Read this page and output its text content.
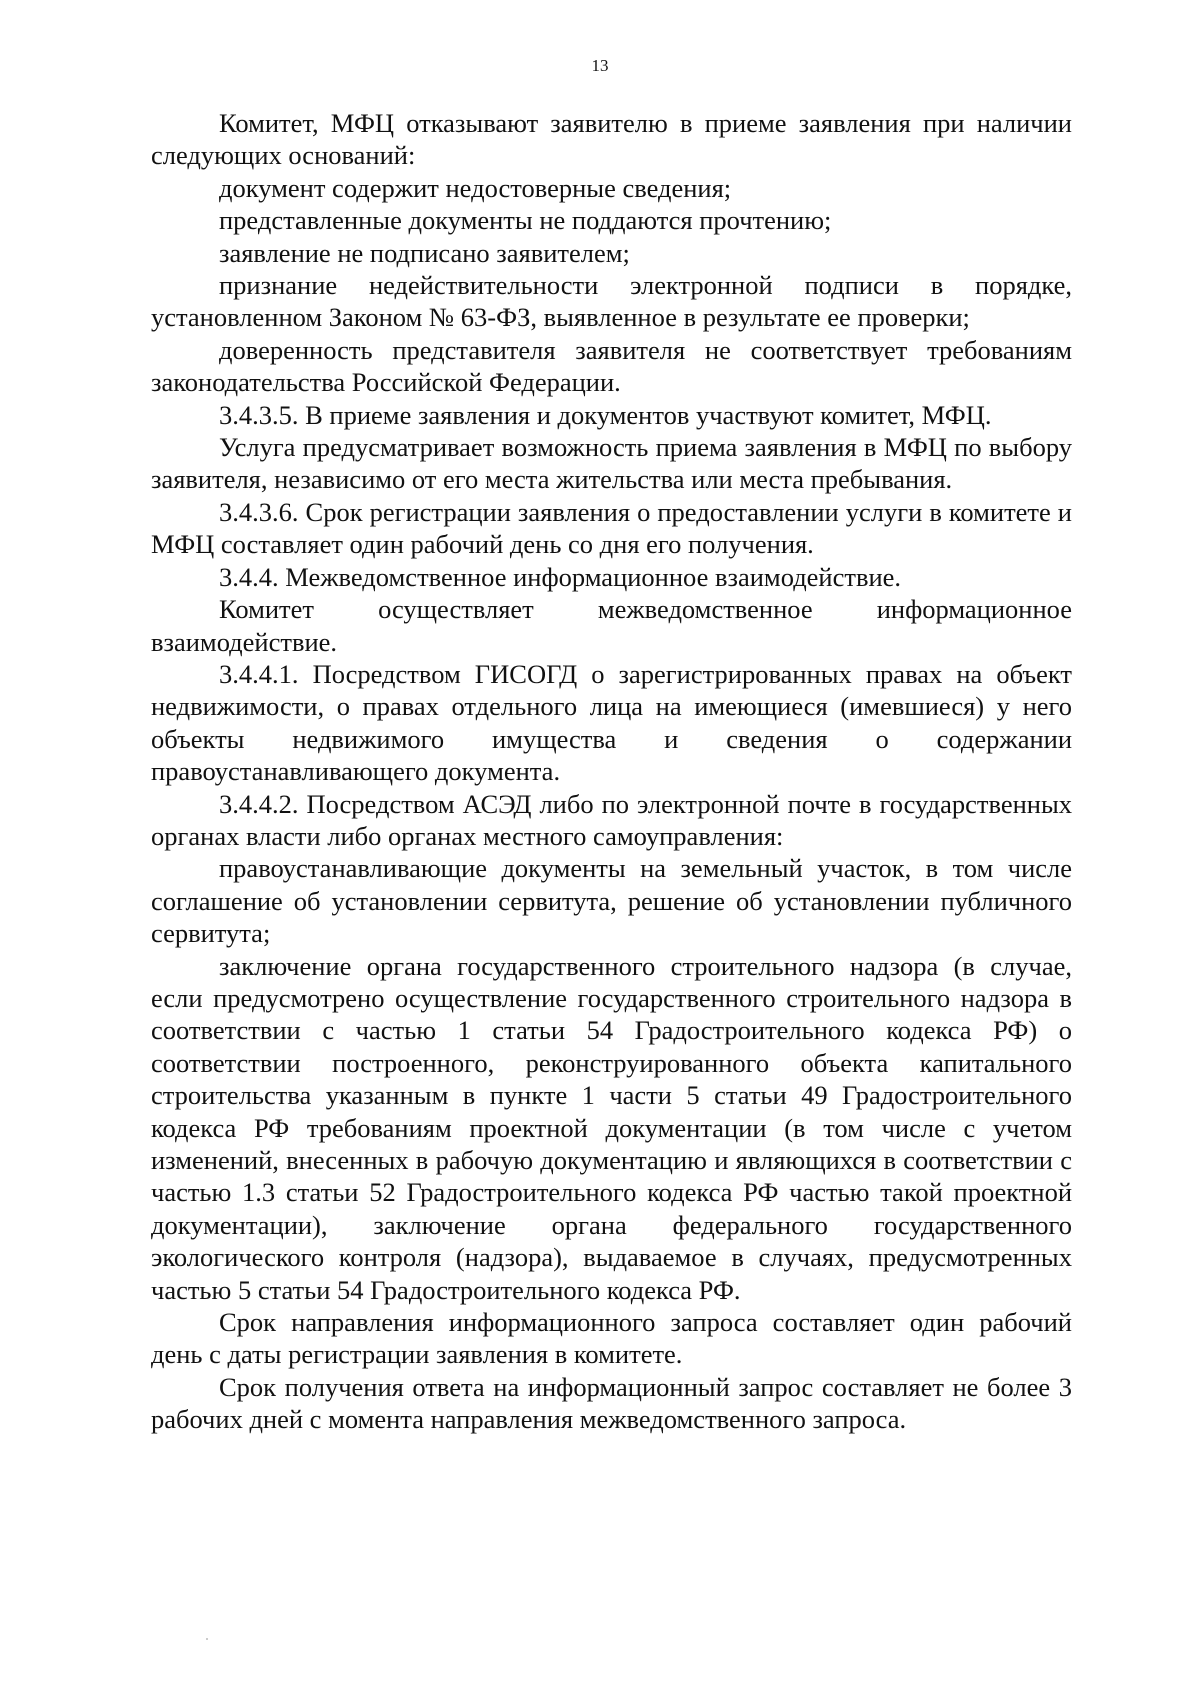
13

Комитет, МФЦ отказывают заявителю в приеме заявления при наличии следующих оснований:

документ содержит недостоверные сведения;

представленные документы не поддаются прочтению;

заявление не подписано заявителем;

признание недействительности электронной подписи в порядке, установленном Законом № 63-ФЗ, выявленное в результате ее проверки;

доверенность представителя заявителя не соответствует требованиям законодательства Российской Федерации.

3.4.3.5. В приеме заявления и документов участвуют комитет, МФЦ.

Услуга предусматривает возможность приема заявления в МФЦ по выбору заявителя, независимо от его места жительства или места пребывания.

3.4.3.6. Срок регистрации заявления о предоставлении услуги в комитете и МФЦ составляет один рабочий день со дня его получения.

3.4.4. Межведомственное информационное взаимодействие.

Комитет осуществляет межведомственное информационное взаимодействие.

3.4.4.1. Посредством ГИСОГД о зарегистрированных правах на объект недвижимости, о правах отдельного лица на имеющиеся (имевшиеся) у него объекты недвижимого имущества и сведения о содержании правоустанавливающего документа.

3.4.4.2. Посредством АСЭД либо по электронной почте в государственных органах власти либо органах местного самоуправления:

правоустанавливающие документы на земельный участок, в том числе соглашение об установлении сервитута, решение об установлении публичного сервитута;

заключение органа государственного строительного надзора (в случае, если предусмотрено осуществление государственного строительного надзора в соответствии с частью 1 статьи 54 Градостроительного кодекса РФ) о соответствии построенного, реконструированного объекта капитального строительства указанным в пункте 1 части 5 статьи 49 Градостроительного кодекса РФ требованиям проектной документации (в том числе с учетом изменений, внесенных в рабочую документацию и являющихся в соответствии с частью 1.3 статьи 52 Градостроительного кодекса РФ частью такой проектной документации), заключение органа федерального государственного экологического контроля (надзора), выдаваемое в случаях, предусмотренных частью 5 статьи 54 Градостроительного кодекса РФ.

Срок направления информационного запроса составляет один рабочий день с даты регистрации заявления в комитете.

Срок получения ответа на информационный запрос составляет не более 3 рабочих дней с момента направления межведомственного запроса.
